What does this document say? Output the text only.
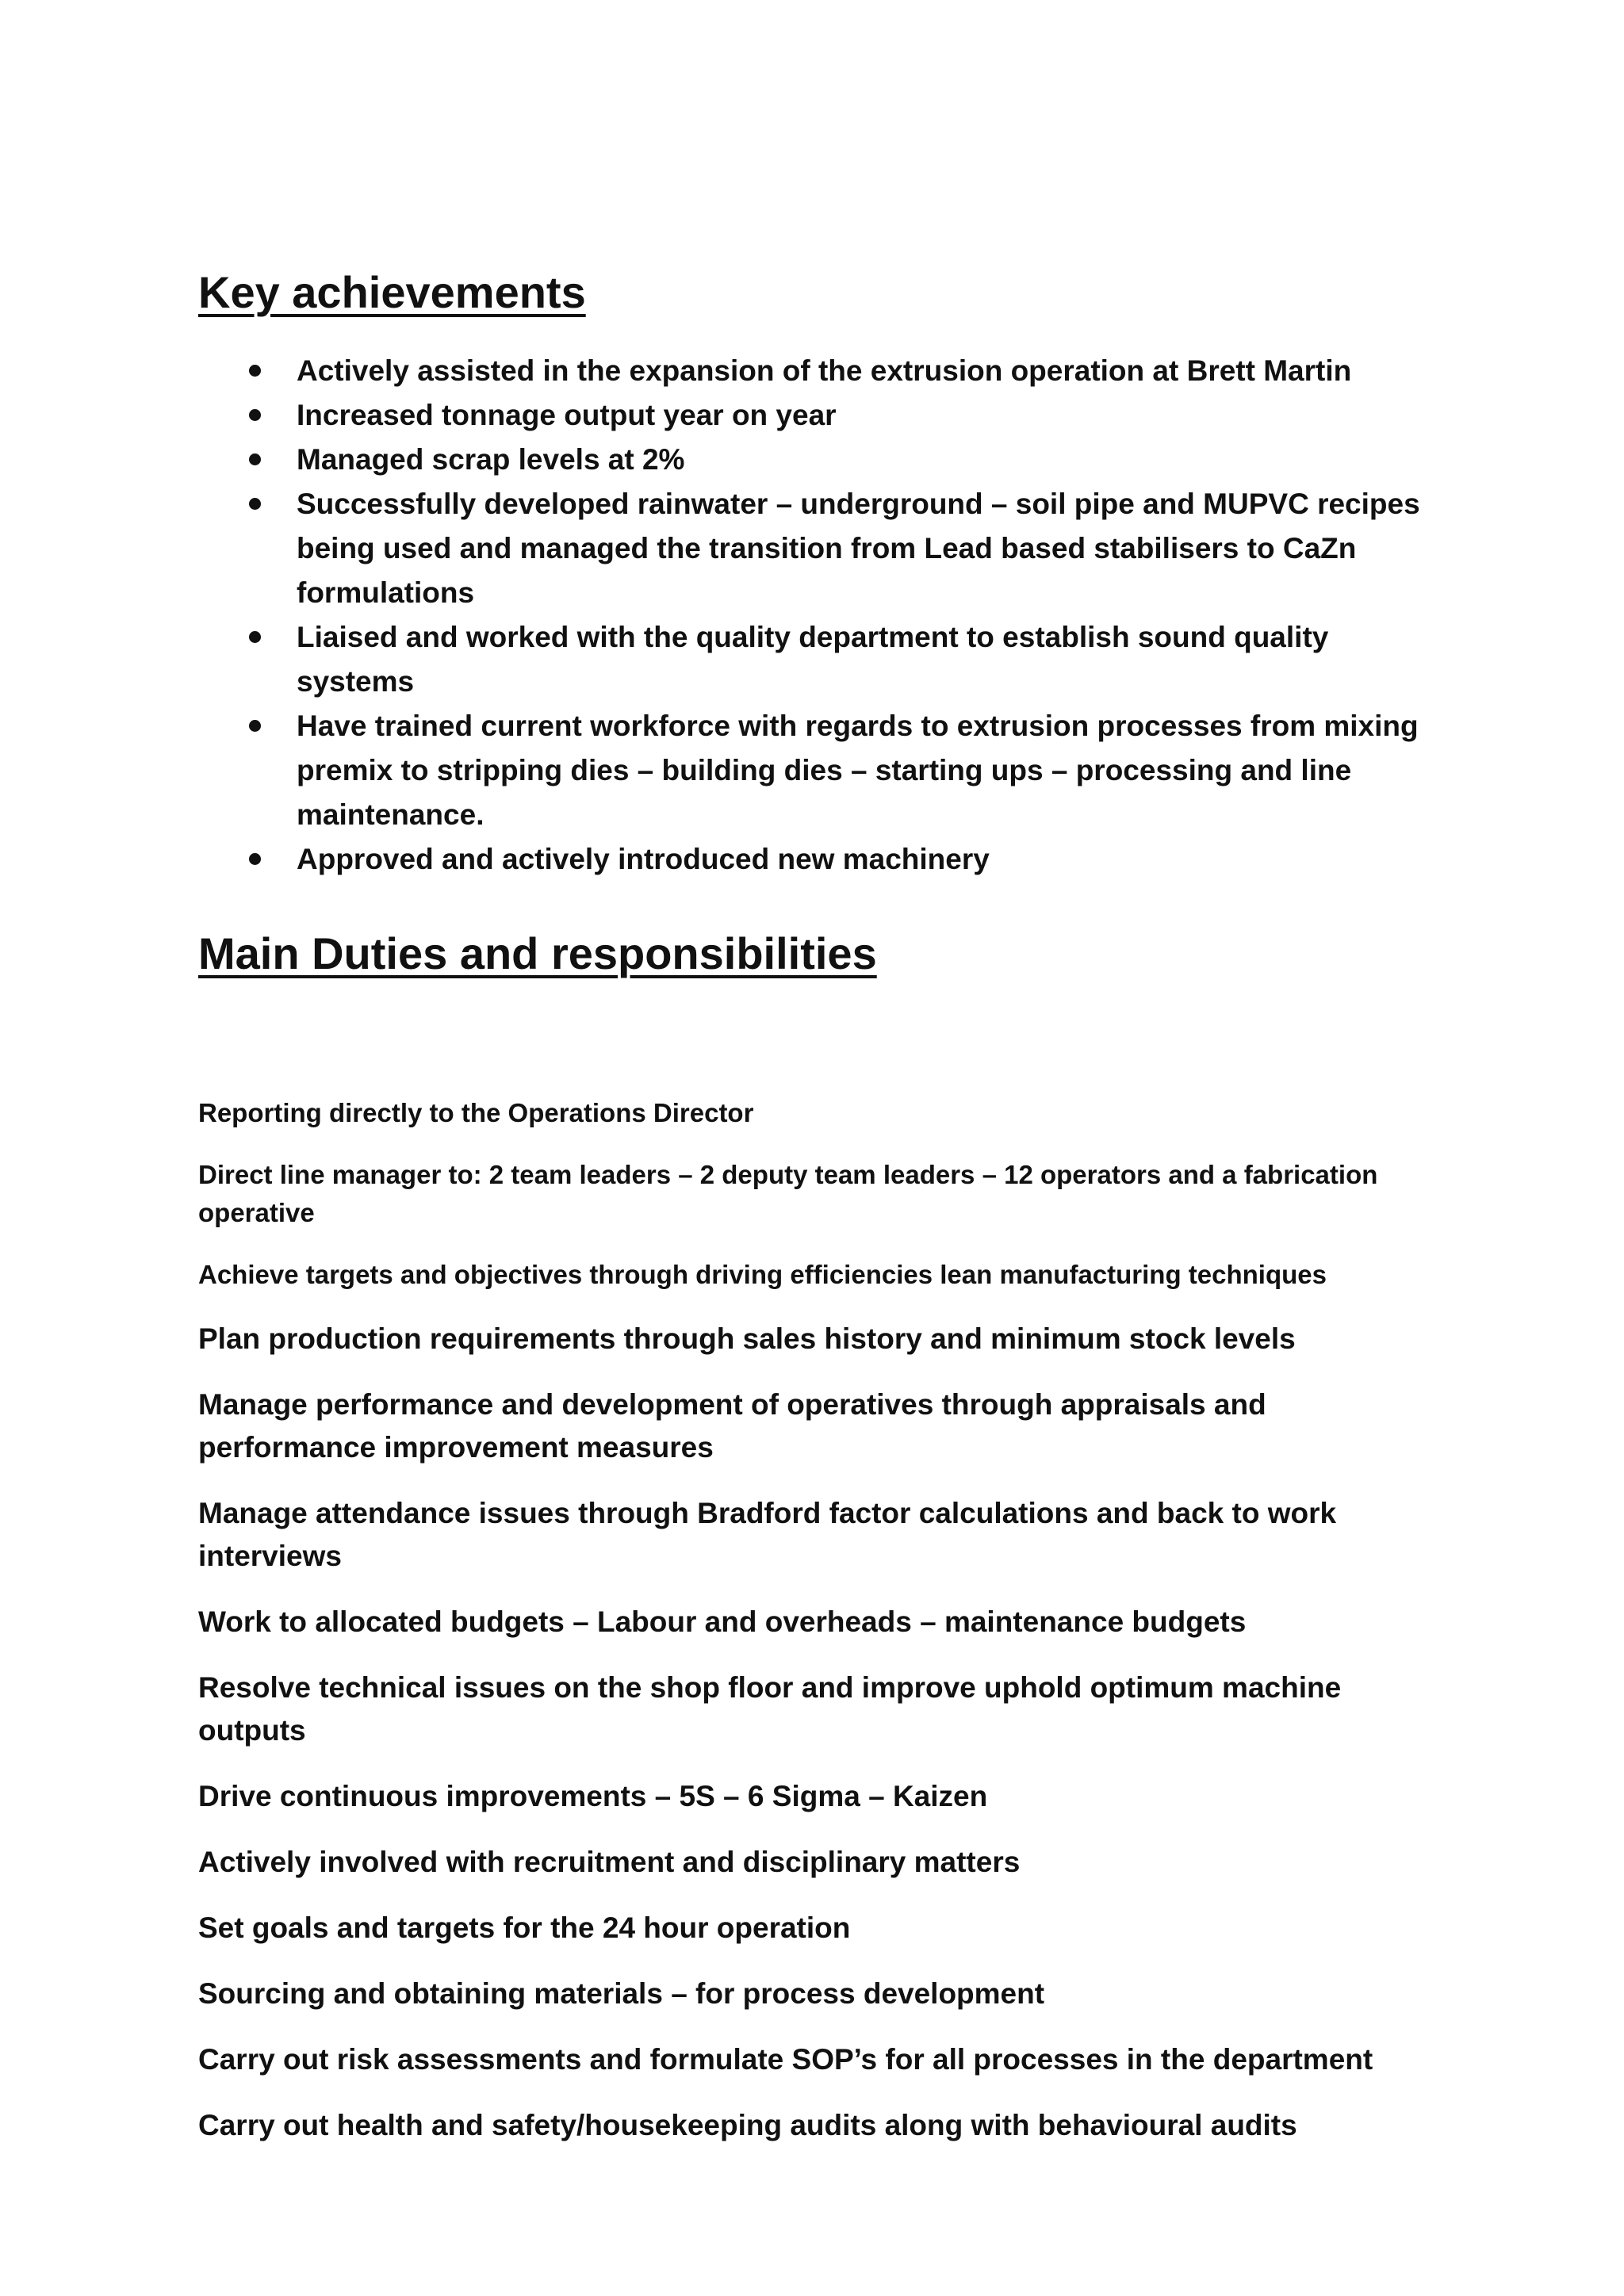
Key achievements
Actively assisted in the expansion of the extrusion operation at Brett Martin
Increased tonnage output year on year
Managed scrap levels at 2%
Successfully developed rainwater – underground – soil pipe and MUPVC recipes being used and managed the transition from Lead based stabilisers to CaZn formulations
Liaised and worked with the quality department to establish sound quality systems
Have trained current workforce with regards to extrusion processes from mixing premix to stripping dies – building dies – starting ups – processing and line maintenance.
Approved and actively introduced new machinery
Main Duties and responsibilities

Reporting directly to the Operations Director

Direct line manager to: 2 team leaders – 2 deputy team leaders – 12 operators and a fabrication operative

Achieve targets and objectives through driving efficiencies lean manufacturing techniques

Plan production requirements through sales history and minimum stock levels

Manage performance and development of operatives through appraisals and performance improvement measures

Manage attendance issues through Bradford factor calculations and back to work interviews

Work to allocated budgets – Labour and overheads – maintenance budgets

Resolve technical issues on the shop floor and improve uphold optimum machine outputs

Drive continuous improvements – 5S – 6 Sigma – Kaizen

Actively involved with recruitment and disciplinary matters

Set goals and targets for the 24 hour operation

Sourcing and obtaining materials – for process development

Carry out risk assessments and formulate SOP’s for all processes in the department

Carry out health and safety/housekeeping audits along with behavioural audits
